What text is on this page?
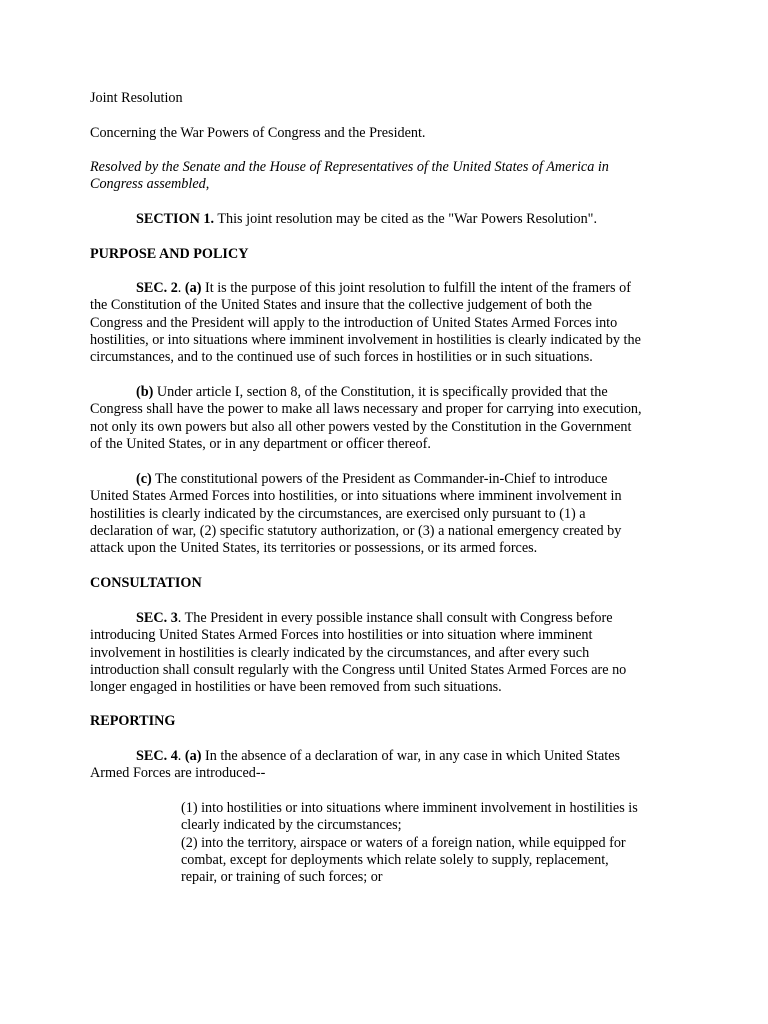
Joint Resolution
Concerning the War Powers of Congress and the President.
Resolved by the Senate and the House of Representatives of the United States of America in
Congress assembled,
SECTION 1. This joint resolution may be cited as the "War Powers Resolution".
PURPOSE AND POLICY
SEC. 2. (a) It is the purpose of this joint resolution to fulfill the intent of the framers of
the Constitution of the United States and insure that the collective judgement of both the
Congress and the President will apply to the introduction of United States Armed Forces into
hostilities, or into situations where imminent involvement in hostilities is clearly indicated by the
circumstances, and to the continued use of such forces in hostilities or in such situations.
(b) Under article I, section 8, of the Constitution, it is specifically provided that the
Congress shall have the power to make all laws necessary and proper for carrying into execution,
not only its own powers but also all other powers vested by the Constitution in the Government
of the United States, or in any department or officer thereof.
(c) The constitutional powers of the President as Commander-in-Chief to introduce
United States Armed Forces into hostilities, or into situations where imminent involvement in
hostilities is clearly indicated by the circumstances, are exercised only pursuant to (1) a
declaration of war, (2) specific statutory authorization, or (3) a national emergency created by
attack upon the United States, its territories or possessions, or its armed forces.
CONSULTATION
SEC. 3. The President in every possible instance shall consult with Congress before
introducing United States Armed Forces into hostilities or into situation where imminent
involvement in hostilities is clearly indicated by the circumstances, and after every such
introduction shall consult regularly with the Congress until United States Armed Forces are no
longer engaged in hostilities or have been removed from such situations.
REPORTING
SEC. 4. (a) In the absence of a declaration of war, in any case in which United States
Armed Forces are introduced--
(1) into hostilities or into situations where imminent involvement in hostilities is
clearly indicated by the circumstances;
(2) into the territory, airspace or waters of a foreign nation, while equipped for
combat, except for deployments which relate solely to supply, replacement,
repair, or training of such forces; or
